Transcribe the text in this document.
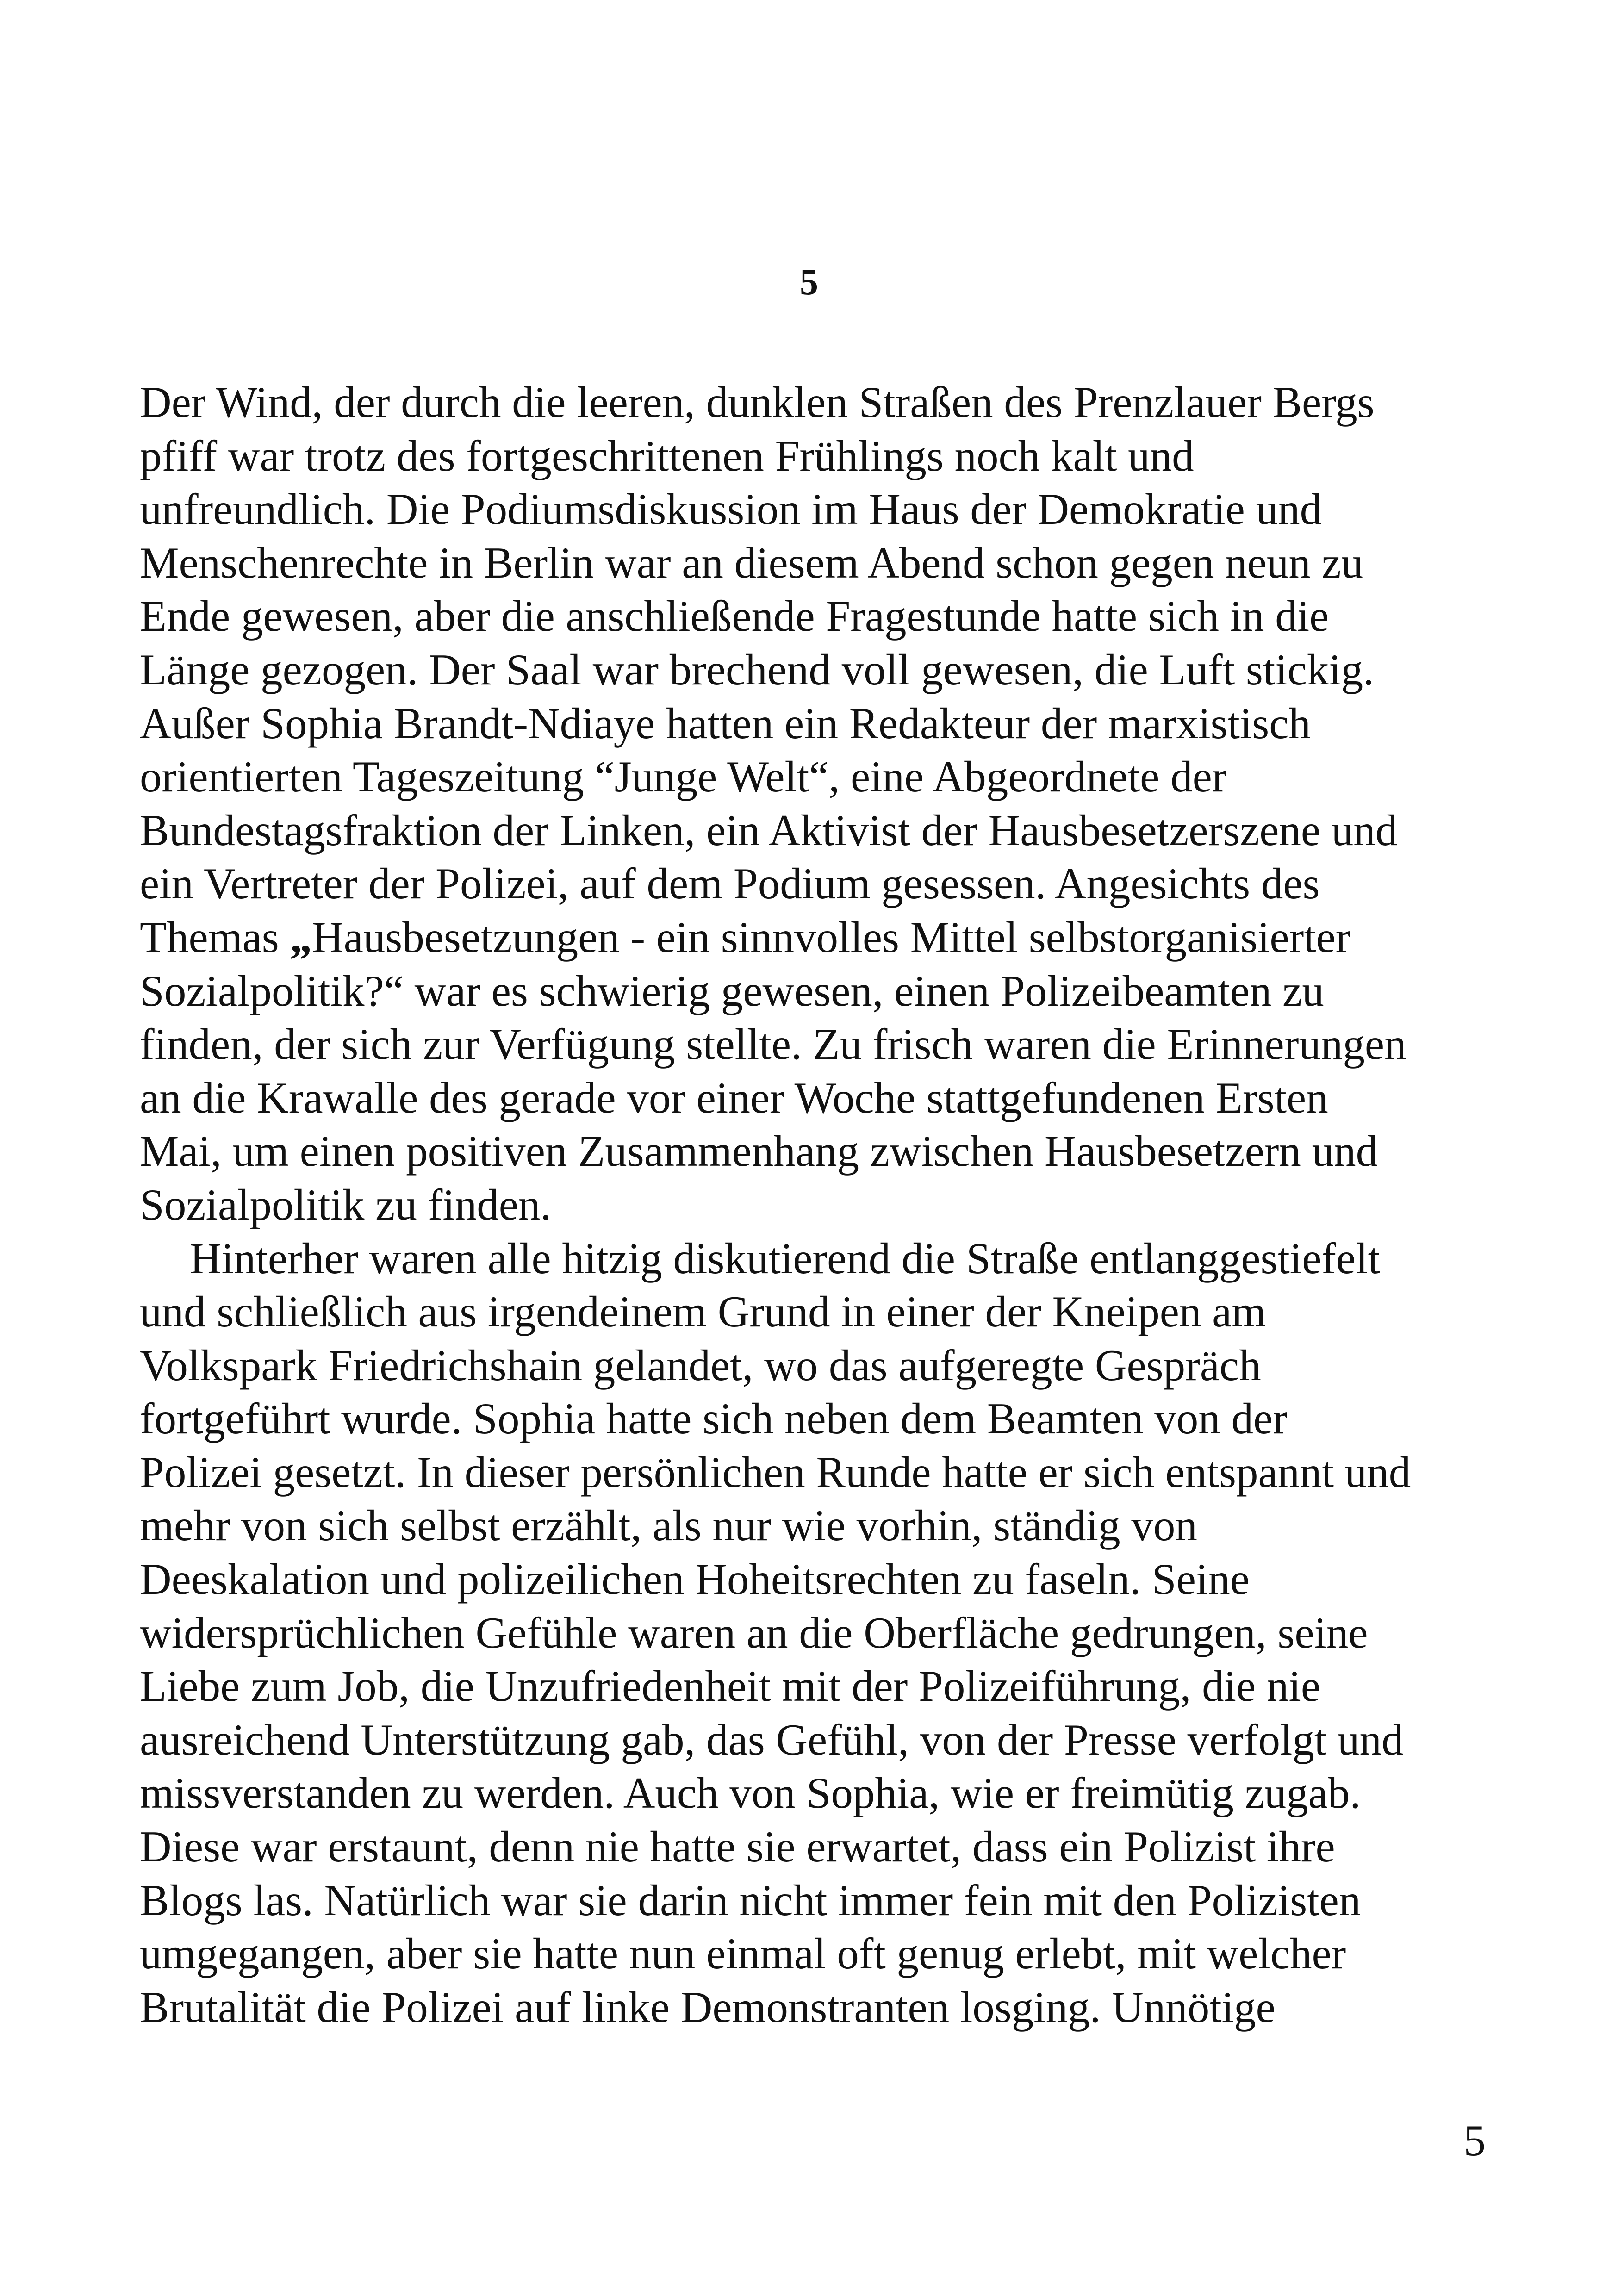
5
Der Wind, der durch die leeren, dunklen Straßen des Prenzlauer Bergs
pfiff war trotz des fortgeschrittenen Frühlings noch kalt und
unfreundlich. Die Podiumsdiskussion im Haus der Demokratie und
Menschenrechte in Berlin war an diesem Abend schon gegen neun zu
Ende gewesen, aber die anschließende Fragestunde hatte sich in die
Länge gezogen. Der Saal war brechend voll gewesen, die Luft stickig.
Außer Sophia Brandt-Ndiaye hatten ein Redakteur der marxistisch
orientierten Tageszeitung “Junge Welt“, eine Abgeordnete der
Bundestagsfraktion der Linken, ein Aktivist der Hausbesetzerszene und
ein Vertreter der Polizei, auf dem Podium gesessen. Angesichts des
Themas „Hausbesetzungen - ein sinnvolles Mittel selbstorganisierter
Sozialpolitik?“ war es schwierig gewesen, einen Polizeibeamten zu
finden, der sich zur Verfügung stellte. Zu frisch waren die Erinnerungen
an die Krawalle des gerade vor einer Woche stattgefundenen Ersten
Mai, um einen positiven Zusammenhang zwischen Hausbesetzern und
Sozialpolitik zu finden.
Hinterher waren alle hitzig diskutierend die Straße entlanggestiefelt
und schließlich aus irgendeinem Grund in einer der Kneipen am
Volkspark Friedrichshain gelandet, wo das aufgeregte Gespräch
fortgeführt wurde. Sophia hatte sich neben dem Beamten von der
Polizei gesetzt. In dieser persönlichen Runde hatte er sich entspannt und
mehr von sich selbst erzählt, als nur wie vorhin, ständig von
Deeskalation und polizeilichen Hoheitsrechten zu faseln. Seine
widersprüchlichen Gefühle waren an die Oberfläche gedrungen, seine
Liebe zum Job, die Unzufriedenheit mit der Polizeiführung, die nie
ausreichend Unterstützung gab, das Gefühl, von der Presse verfolgt und
missverstanden zu werden. Auch von Sophia, wie er freimütig zugab.
Diese war erstaunt, denn nie hatte sie erwartet, dass ein Polizist ihre
Blogs las. Natürlich war sie darin nicht immer fein mit den Polizisten
umgegangen, aber sie hatte nun einmal oft genug erlebt, mit welcher
Brutalität die Polizei auf linke Demonstranten losging. Unnötige
5
